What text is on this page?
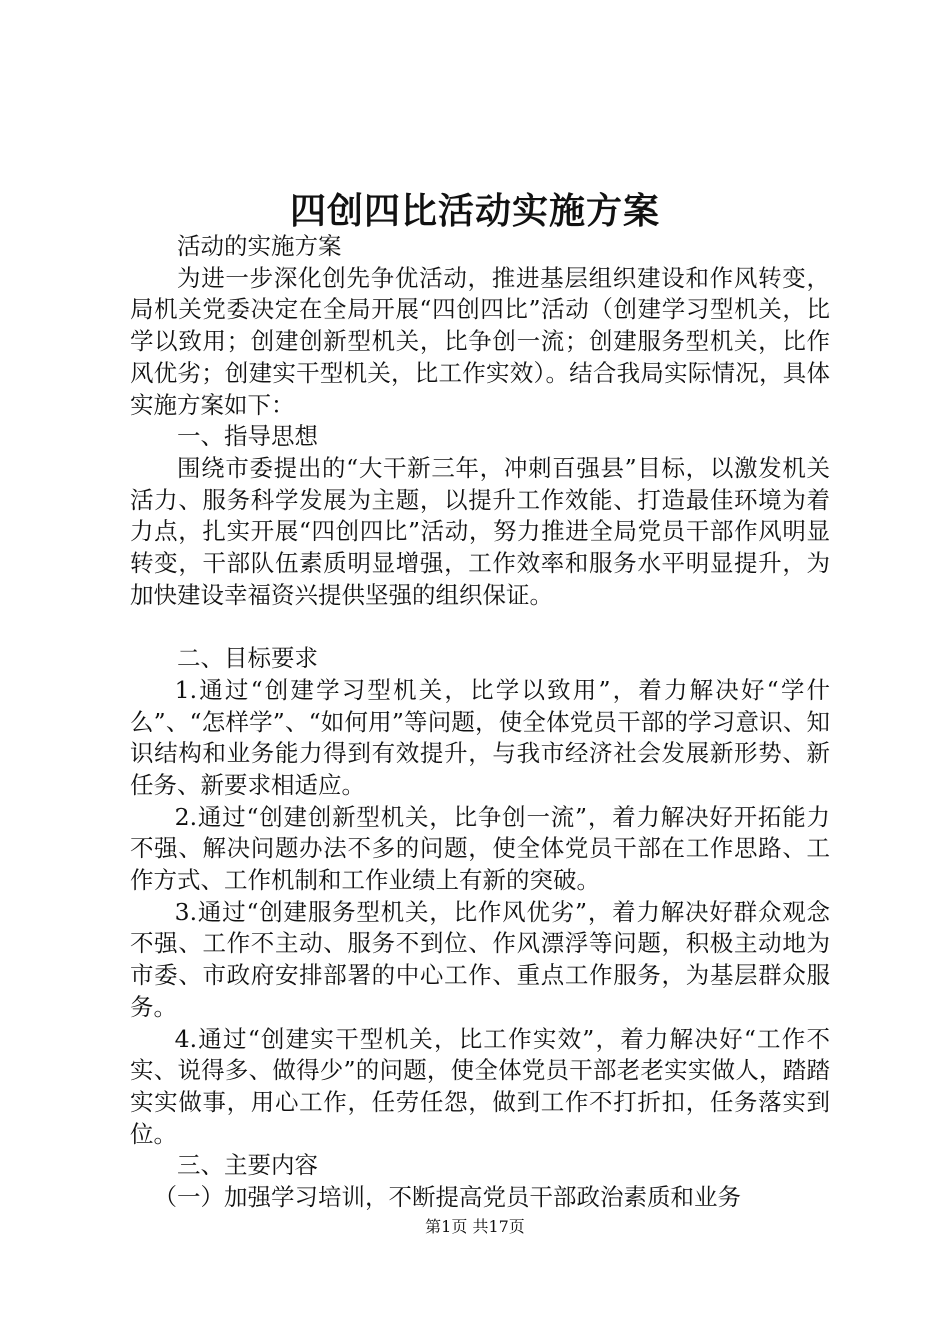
四创四比活动实施方案

活动的实施方案

为进一步深化创先争优活动，推进基层组织建设和作风转变，局机关党委决定在全局开展“四创四比”活动（创建学习型机关，比学以致用；创建创新型机关，比争创一流；创建服务型机关，比作风优劣；创建实干型机关，比工作实效）。结合我局实际情况，具体实施方案如下：

一、指导思想

围绕市委提出的“大干新三年，冲刺百强县”目标，以激发机关活力、服务科学发展为主题，以提升工作效能、打造最佳环境为着力点，扎实开展“四创四比”活动，努力推进全局党员干部作风明显转变，干部队伍素质明显增强，工作效率和服务水平明显提升，为加快建设幸福资兴提供坚强的组织保证。

二、目标要求

1.通过“创建学习型机关，比学以致用”，着力解决好“学什么”、“怎样学”、“如何用”等问题，使全体党员干部的学习意识、知识结构和业务能力得到有效提升，与我市经济社会发展新形势、新任务、新要求相适应。

2.通过“创建创新型机关，比争创一流”，着力解决好开拓能力不强、解决问题办法不多的问题，使全体党员干部在工作思路、工作方式、工作机制和工作业绩上有新的突破。

3.通过“创建服务型机关，比作风优劣”，着力解决好群众观念不强、工作不主动、服务不到位、作风漂浮等问题，积极主动地为市委、市政府安排部署的中心工作、重点工作服务，为基层群众服务。

4.通过“创建实干型机关，比工作实效”，着力解决好“工作不实、说得多、做得少”的问题，使全体党员干部老老实实做人，踏踏实实做事，用心工作，任劳任怨，做到工作不打折扣，任务落实到位。

三、主要内容

（一）加强学习培训，不断提高党员干部政治素质和业务

第1页 共17页
